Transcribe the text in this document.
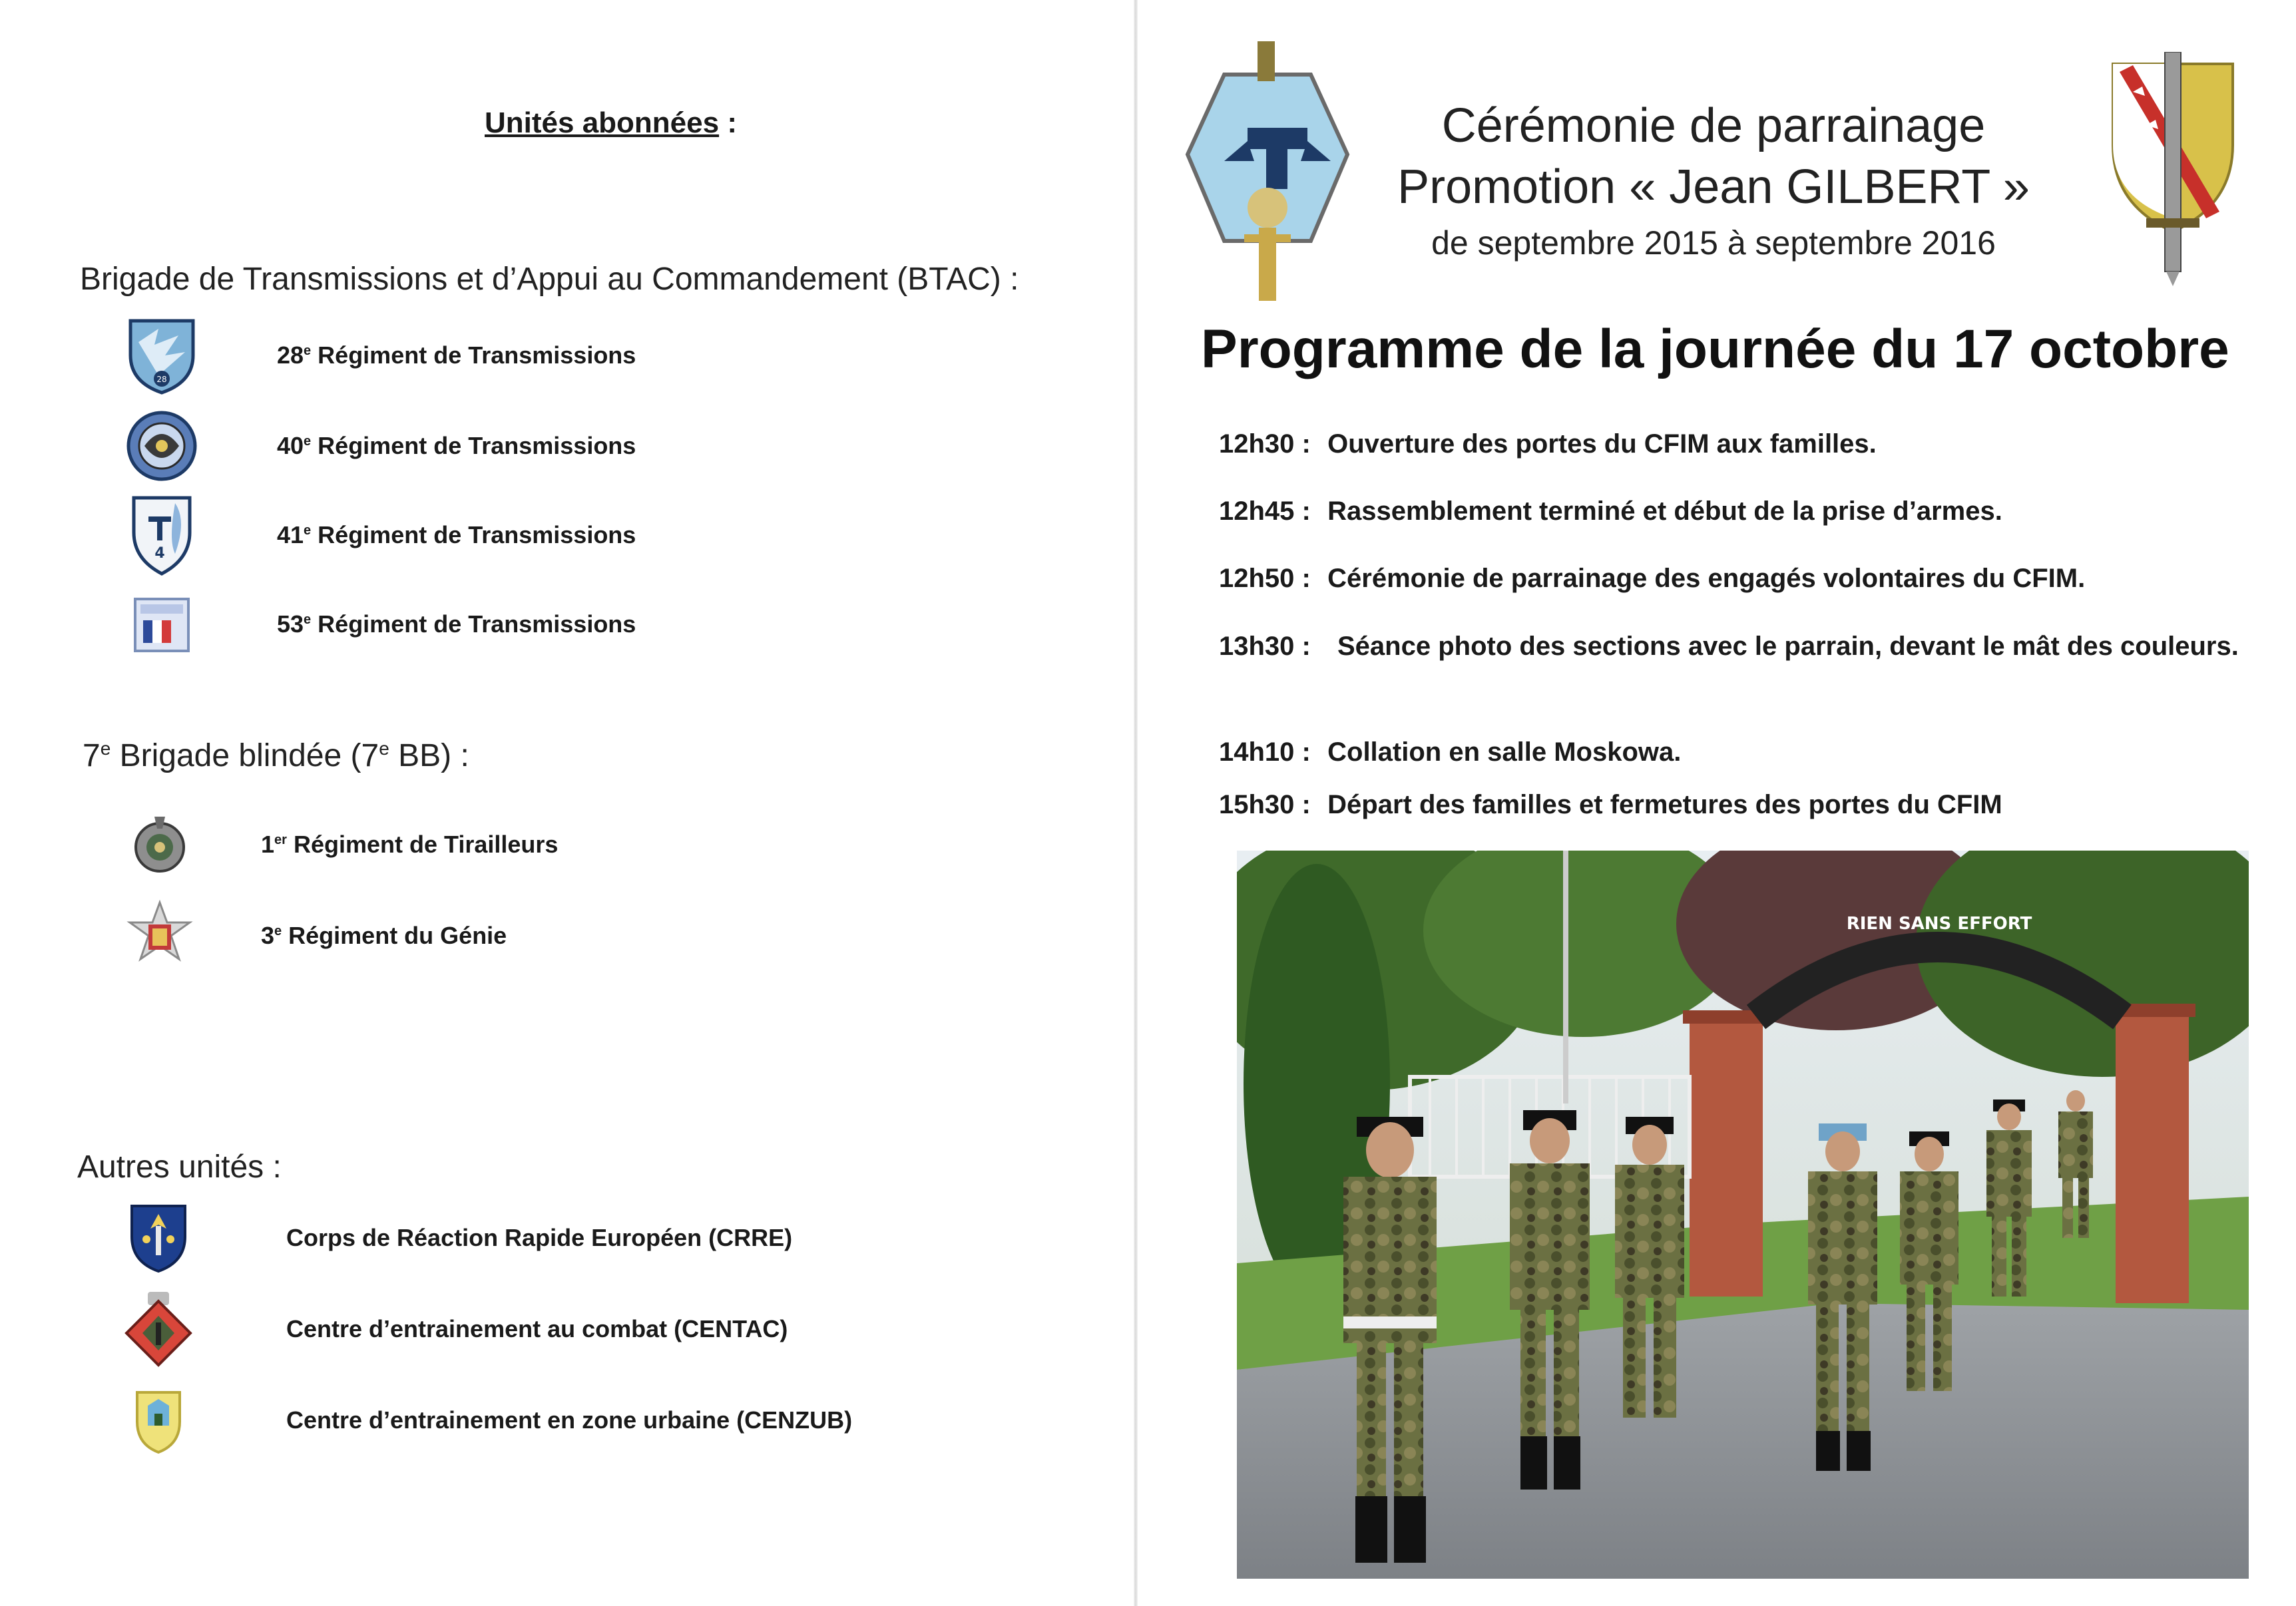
Unités abonnées :
Brigade de Transmissions et d’Appui au Commandement (BTAC) :
28
28e Régiment de Transmissions
40e Régiment de Transmissions
4
41e Régiment de Transmissions
53e Régiment de Transmissions
7e Brigade blindée (7e BB) :
1er Régiment de Tirailleurs
3e Régiment du Génie
Autres unités :
Corps de Réaction Rapide Européen (CRRE)
Centre d’entrainement au combat (CENTAC)
Centre d’entrainement en zone urbaine (CENZUB)
Cérémonie de parrainage
Promotion « Jean GILBERT »
de septembre 2015 à septembre 2016
Programme de la journée du 17 octobre
12h30 : Ouverture des portes du CFIM aux familles.
12h45 : Rassemblement terminé et début de la prise d’armes.
12h50 : Cérémonie de parrainage des engagés volontaires du CFIM.
13h30 :	Séance photo des sections avec le parrain, devant le mât des couleurs.
14h10 : Collation en salle Moskowa.
15h30 : Départ des familles et fermetures des portes du CFIM
RIEN SANS EFFORT
